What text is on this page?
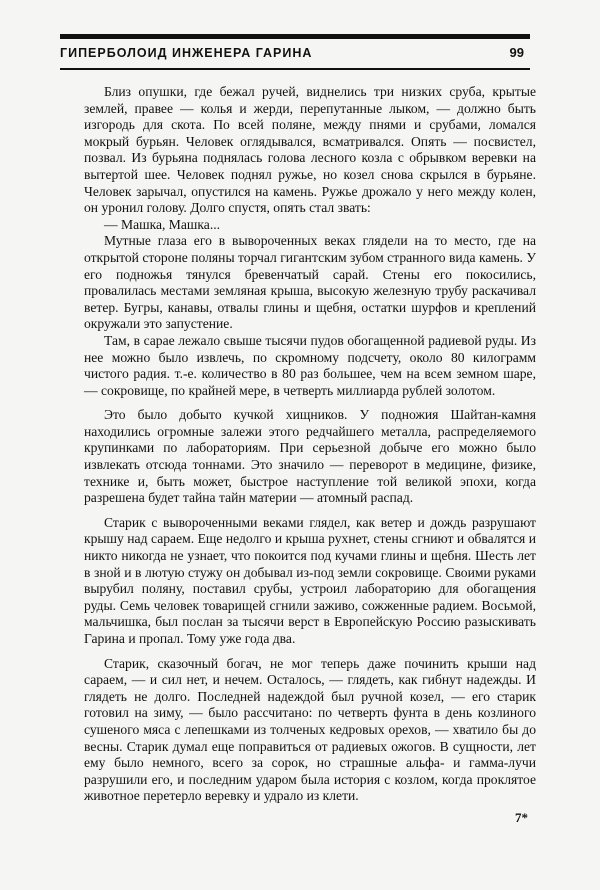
ГИПЕРБОЛОИД ИНЖЕНЕРА ГАРИНА	99

Близ опушки, где бежал ручей, виднелись три низких сруба, крытые землей, правее — колья и жерди, перепутанные лыком, — должно быть изгородь для скота. По всей поляне, между пнями и срубами, ломался мокрый бурьян. Человек оглядывался, всматривался. Опять — посвистел, позвал. Из бурьяна поднялась голова лесного козла с обрывком веревки на вытертой шее. Человек поднял ружье, но козел снова скрылся в бурьяне. Человек зарычал, опустился на камень. Ружье дрожало у него между колен, он уронил голову. Долго спустя, опять стал звать:

— Машка, Машка...

Мутные глаза его в вывороченных веках глядели на то место, где на открытой стороне поляны торчал гигантским зубом странного вида камень. У его подножья тянулся бревенчатый сарай. Стены его покосились, провалилась местами земляная крыша, высокую железную трубу раскачивал ветер. Бугры, канавы, отвалы глины и щебня, остатки шурфов и креплений окружали это запустение.

Там, в сарае лежало свыше тысячи пудов обогащенной радиевой руды. Из нее можно было извлечь, по скромному подсчету, около 80 килограмм чистого радия. т.-е. количество в 80 раз большее, чем на всем земном шаре, — сокровище, по крайней мере, в четверть миллиарда рублей золотом.

Это было добыто кучкой хищников. У подножия Шайтан-камня находились огромные залежи этого редчайшего металла, распределяемого крупинками по лабораториям. При серьезной добыче его можно было извлекать отсюда тоннами. Это значило — переворот в медицине, физике, технике и, быть может, быстрое наступление той великой эпохи, когда разрешена будет тайна тайн материи — атомный распад.

Старик с вывороченными веками глядел, как ветер и дождь разрушают крышу над сараем. Еще недолго и крыша рухнет, стены сгниют и обвалятся и никто никогда не узнает, что покоится под кучами глины и щебня. Шесть лет в зной и в лютую стужу он добывал из-под земли сокровище. Своими руками вырубил поляну, поставил срубы, устроил лабораторию для обогащения руды. Семь человек товарищей сгнили заживо, сожженные радием. Восьмой, мальчишка, был послан за тысячи верст в Европейскую Россию разыскивать Гарина и пропал. Тому уже года два.

Старик, сказочный богач, не мог теперь даже починить крыши над сараем, — и сил нет, и нечем. Осталось, — глядеть, как гибнут надежды. И глядеть не долго. Последней надеждой был ручной козел, — его старик готовил на зиму, — было рассчитано: по четверть фунта в день козлиного сушеного мяса с лепешками из толченых кедровых орехов, — хватило бы до весны. Старик думал еще поправиться от радиевых ожогов. В сущности, лет ему было немного, всего за сорок, но страшные альфа- и гамма-лучи разрушили его, и последним ударом была история с козлом, когда проклятое животное перетерло веревку и удрало из клети.

7*
